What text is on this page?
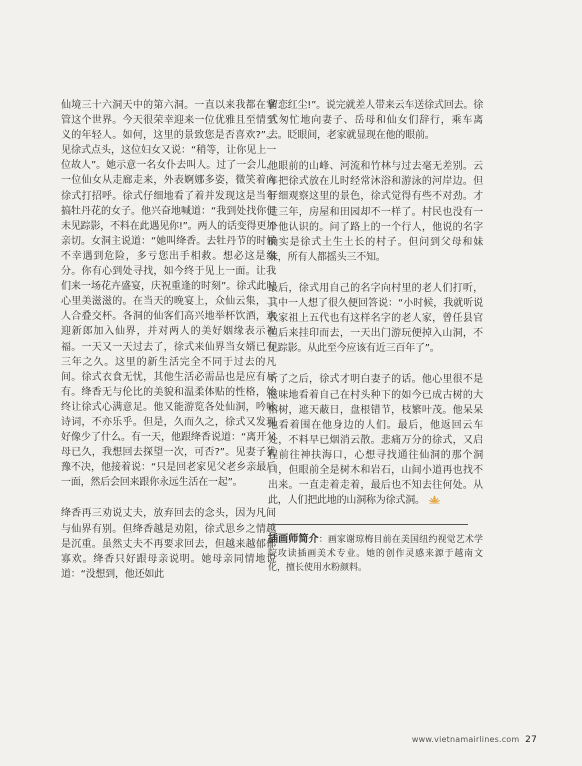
仙境三十六洞天中的第六洞。一直以来我都在掌管这个世界。今天很荣幸迎来一位优雅且至情至义的年轻人。如何，这里的景致您是否喜欢?”。见徐式点头，这位妇女又说：“稍等，让你见上一位故人”。她示意一名女仆去叫人。过了一会儿，一位仙女从走廊走来，外表婀娜多姿，微笑着向徐式打招呼。徐式仔细地看了着并发现这是当年搞牡丹花的女子。他兴奋地喊道：“我到处找你但未见踪影，不料在此遇见你!”。两人的话变得更加亲切。女洞主说道：“她叫绛香。去牡丹节的时候不幸遇到危险，多亏您出手相救。想必这是缘分。你有心到处寻找，如今终于见上一面。让我们来一场花卉盛宴，庆祝重逢的时刻”。徐式此时心里美滋滋的。在当天的晚宴上，众仙云集，二人合叠交杯。各洞的仙客们高兴地举杯饮酒，欢迎新郎加入仙界，并对两人的美好姻缘表示祝福。一天又一天过去了，徐式来仙界当女婿已有三年之久。这里的新生活完全不同于过去的凡间。徐式衣食无忧，其他生活必需品也是应有尽有。绛香无与伦比的美貌和温柔体贴的性格，始终让徐式心满意足。他又能游览各处仙洞，吟咏诗词，不亦乐乎。但是，久而久之，徐式又发现好像少了什么。有一天，他跟绛香说道：“离开父母已久，我想回去探望一次，可否?”。见妻子犹豫不决，他接着说：“只是回老家见父老乡亲最后一面，然后会回来跟你永远生活在一起”。

绛香再三劝说丈夫，放弃回去的念头，因为凡间与仙界有别。但绛香越是劝阻，徐式思乡之情越是沉重。虽然丈夫不再要求回去，但越来越郁郁寡欢。绛香只好跟母亲说明。她母亲同情地说道：“没想到，他还如此

留恋红尘!”。说完就差人带来云车送徐式回去。徐式匆忙地向妻子、岳母和仙女们辞行，乘车离去。眨眼间，老家就显现在他的眼前。

他眼前的山峰、河流和竹林与过去毫无差别。云车把徐式放在儿时经常沐浴和游泳的河岸边。但仔细观察这里的景色，徐式觉得有些不对劲。才走三年，房屋和田园却不一样了。村民也没有一个他认识的。问了路上的一个行人，他说的名字确实是徐式土生土长的村子。但问到父母和妹妹，所有人都摇头三不知。

最后，徐式用自己的名字向村里的老人们打听，其中一人想了很久便回答说：“小时候，我就听说我家祖上五代也有这样名字的老人家，曾任县官但后来挂印而去，一天出门游玩便掉入山洞，不见踪影。从此至今应该有近三百年了”。

听了之后，徐式才明白妻子的话。他心里很不是滋味地看着自己在村头种下的如今已成古树的大榕树，遮天蔽日，盘根错节，枝繁叶茂。他呆呆地看着围在他身边的人们。最后，他返回云车处，不料早已烟消云散。悲痛万分的徐式，又启程前往神扶海口，心想寻找通往仙洞的那个洞口，但眼前全是树木和岩石，山间小道再也找不出来。一直走着走着，最后也不知去往何处。从此，人们把此地的山洞称为徐式洞。

插画师简介：画家谢琼梅目前在美国纽约视觉艺术学院攻读插画美术专业。她的创作灵感来源于越南文化，擅长使用水粉颜料。

www.vietnamairlines.com 27
